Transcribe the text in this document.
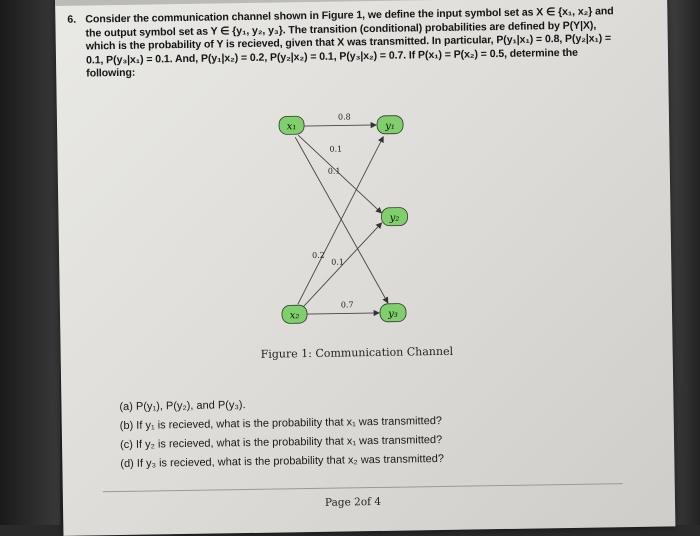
6. Consider the communication channel shown in Figure 1, we define the input symbol set as X ∈ {x₁, x₂} and the output symbol set as Y ∈ {y₁, y₂, y₃}. The transition (conditional) probabilities are defined by P(Y|X), which is the probability of Y is recieved, given that X was transmitted. In particular, P(y₁|x₁) = 0.8, P(y₂|x₁) = 0.1, P(y₃|x₁) = 0.1. And, P(y₁|x₂) = 0.2, P(y₂|x₂) = 0.1, P(y₃|x₂) = 0.7. If P(x₁) = P(x₂) = 0.5, determine the following:

0.8
0.1
0.1
0.2
0.1
0.7
x₁	y₁
y₂
x₂	y₃
Figure 1: Communication Channel
(a) P(y₁), P(y₂), and P(y₃).
(b) If y₁ is recieved, what is the probability that x₁ was transmitted?
(c) If y₂ is recieved, what is the probability that x₁ was transmitted?
(d) If y₃ is recieved, what is the probability that x₂ was transmitted?
Page 2of 4
